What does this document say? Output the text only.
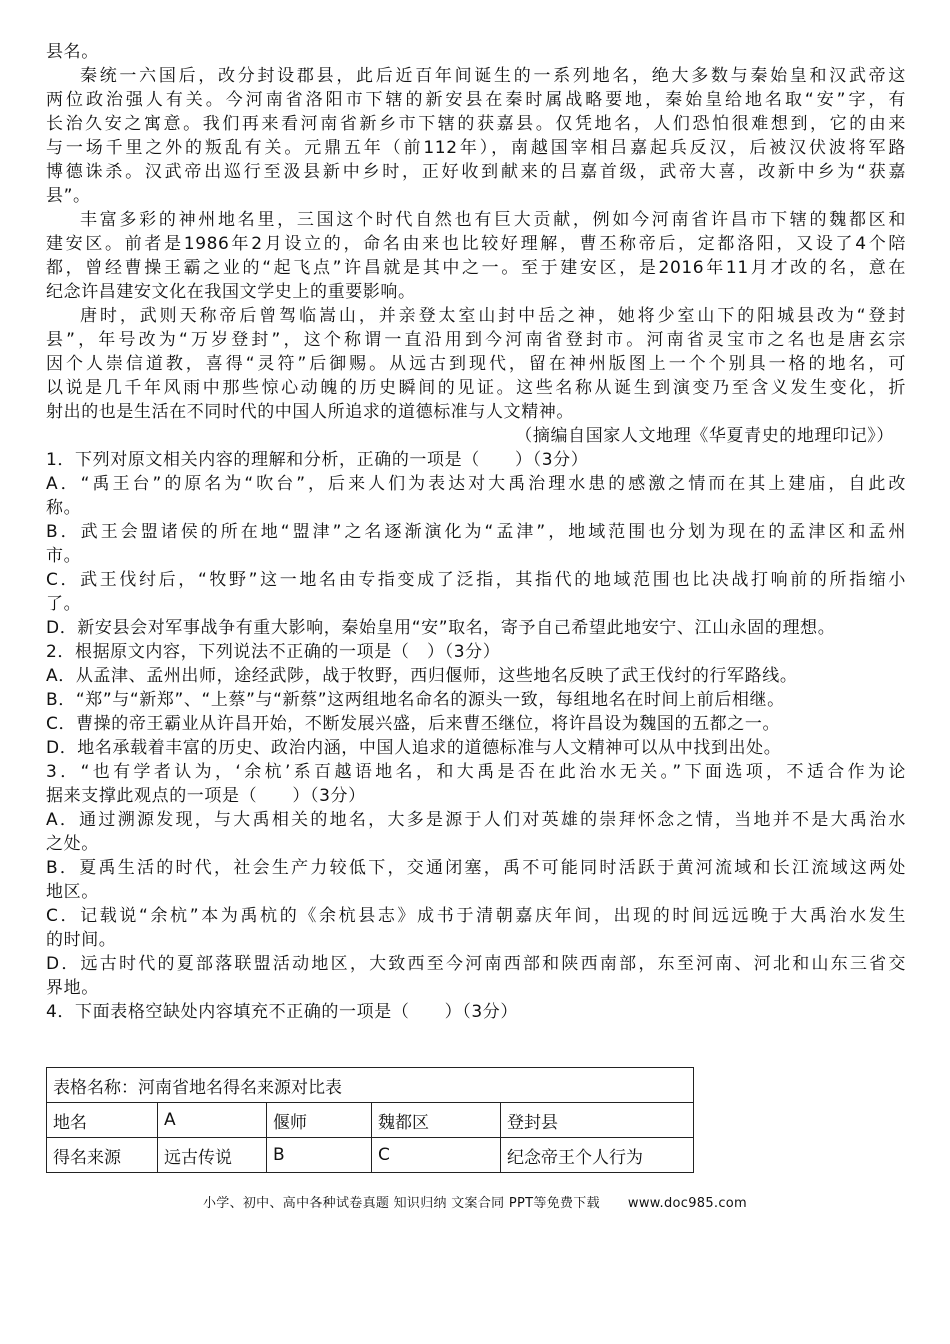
县名。
秦统一六国后，改分封设郡县，此后近百年间诞生的一系列地名，绝大多数与秦始皇和汉武帝这
两位政治强人有关。今河南省洛阳市下辖的新安县在秦时属战略要地，秦始皇给地名取“安”字，有
长治久安之寓意。我们再来看河南省新乡市下辖的获嘉县。仅凭地名，人们恐怕很难想到，它的由来
与一场千里之外的叛乱有关。元鼎五年（前112年），南越国宰相吕嘉起兵反汉，后被汉伏波将军路
博德诛杀。汉武帝出巡行至汲县新中乡时，正好收到献来的吕嘉首级，武帝大喜，改新中乡为“获嘉
县”。
丰富多彩的神州地名里，三国这个时代自然也有巨大贡献，例如今河南省许昌市下辖的魏都区和
建安区。前者是1986年2月设立的，命名由来也比较好理解，曹丕称帝后，定都洛阳，又设了4个陪
都，曾经曹操王霸之业的“起飞点”许昌就是其中之一。至于建安区，是2016年11月才改的名，意在
纪念许昌建安文化在我国文学史上的重要影响。
唐时，武则天称帝后曾驾临嵩山，并亲登太室山封中岳之神，她将少室山下的阳城县改为“登封
县”，年号改为“万岁登封”，这个称谓一直沿用到今河南省登封市。河南省灵宝市之名也是唐玄宗
因个人崇信道教，喜得“灵符”后御赐。从远古到现代，留在神州版图上一个个别具一格的地名，可
以说是几千年风雨中那些惊心动魄的历史瞬间的见证。这些名称从诞生到演变乃至含义发生变化，折
射出的也是生活在不同时代的中国人所追求的道德标准与人文精神。
（摘编自国家人文地理《华夏青史的地理印记》）
1．下列对原文相关内容的理解和分析，正确的一项是（　　）（3分）
A．“禹王台”的原名为“吹台”，后来人们为表达对大禹治理水患的感激之情而在其上建庙，自此改
称。
B．武王会盟诸侯的所在地“盟津”之名逐渐演化为“孟津”，地域范围也分划为现在的孟津区和孟州
市。
C．武王伐纣后，“牧野”这一地名由专指变成了泛指，其指代的地域范围也比决战打响前的所指缩小
了。
D．新安县会对军事战争有重大影响，秦始皇用“安”取名，寄予自己希望此地安宁、江山永固的理想。
2．根据原文内容，下列说法不正确的一项是（　）（3分）
A．从孟津、孟州出师，途经武陟，战于牧野，西归偃师，这些地名反映了武王伐纣的行军路线。
B．“郑”与“新郑”、“上蔡”与“新蔡”这两组地名命名的源头一致，每组地名在时间上前后相继。
C．曹操的帝王霸业从许昌开始，不断发展兴盛，后来曹丕继位，将许昌设为魏国的五都之一。
D．地名承载着丰富的历史、政治内涵，中国人追求的道德标准与人文精神可以从中找到出处。
3．“也有学者认为，‘余杭’系百越语地名，和大禹是否在此治水无关。”下面选项，不适合作为论
据来支撑此观点的一项是（　　）（3分）
A．通过溯源发现，与大禹相关的地名，大多是源于人们对英雄的崇拜怀念之情，当地并不是大禹治水
之处。
B．夏禹生活的时代，社会生产力较低下，交通闭塞，禹不可能同时活跃于黄河流域和长江流域这两处
地区。
C．记载说“余杭”本为禹杭的《余杭县志》成书于清朝嘉庆年间，出现的时间远远晚于大禹治水发生
的时间。
D．远古时代的夏部落联盟活动地区，大致西至今河南西部和陕西南部，东至河南、河北和山东三省交
界地。
4．下面表格空缺处内容填充不正确的一项是（　　）（3分）
表格名称：河南省地名得名来源对比表				
地名	A	偃师	魏都区	登封县
得名来源	远古传说	B	C	纪念帝王个人行为
小学、初中、高中各种试卷真题 知识归纳 文案合同 PPT等免费下载 www.doc985.com
